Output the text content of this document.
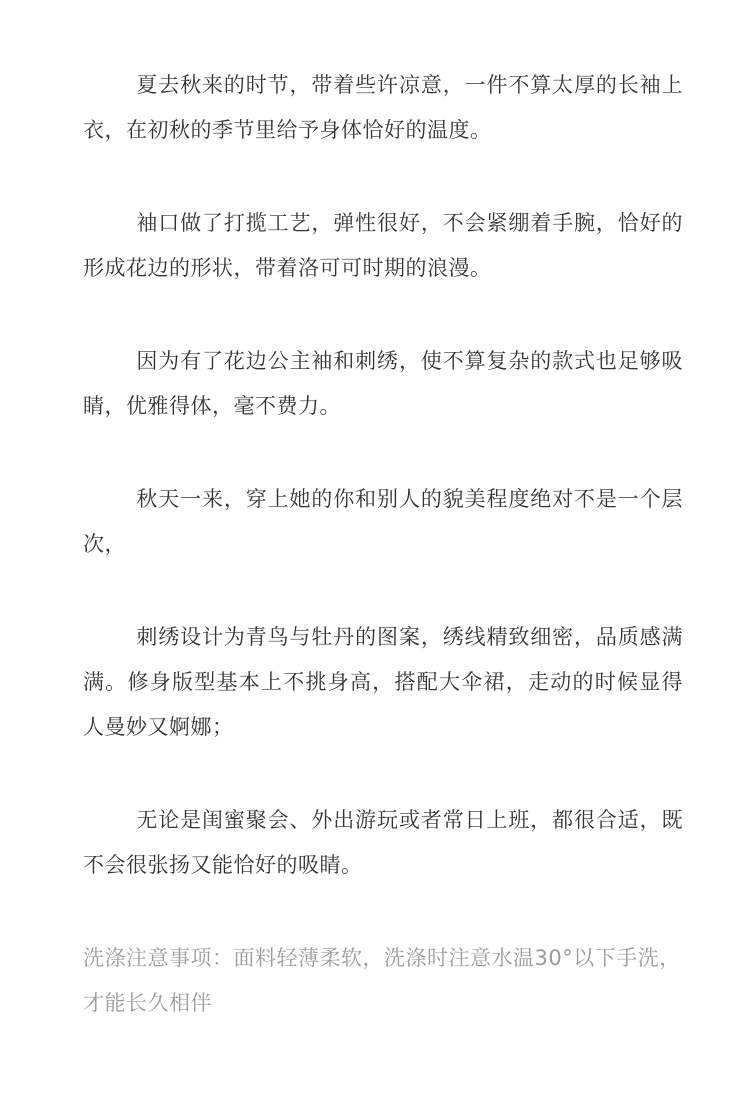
夏去秋来的时节，带着些许凉意，一件不算太厚的长袖上衣，在初秋的季节里给予身体恰好的温度。

袖口做了打揽工艺，弹性很好，不会紧绷着手腕，恰好的形成花边的形状，带着洛可可时期的浪漫。

因为有了花边公主袖和刺绣，使不算复杂的款式也足够吸睛，优雅得体，毫不费力。

秋天一来，穿上她的你和别人的貌美程度绝对不是一个层次，

刺绣设计为青鸟与牡丹的图案，绣线精致细密，品质感满满。修身版型基本上不挑身高，搭配大伞裙，走动的时候显得人曼妙又婀娜；

无论是闺蜜聚会、外出游玩或者常日上班，都很合适，既不会很张扬又能恰好的吸睛。

洗涤注意事项：面料轻薄柔软，洗涤时注意水温30°以下手洗，才能长久相伴
